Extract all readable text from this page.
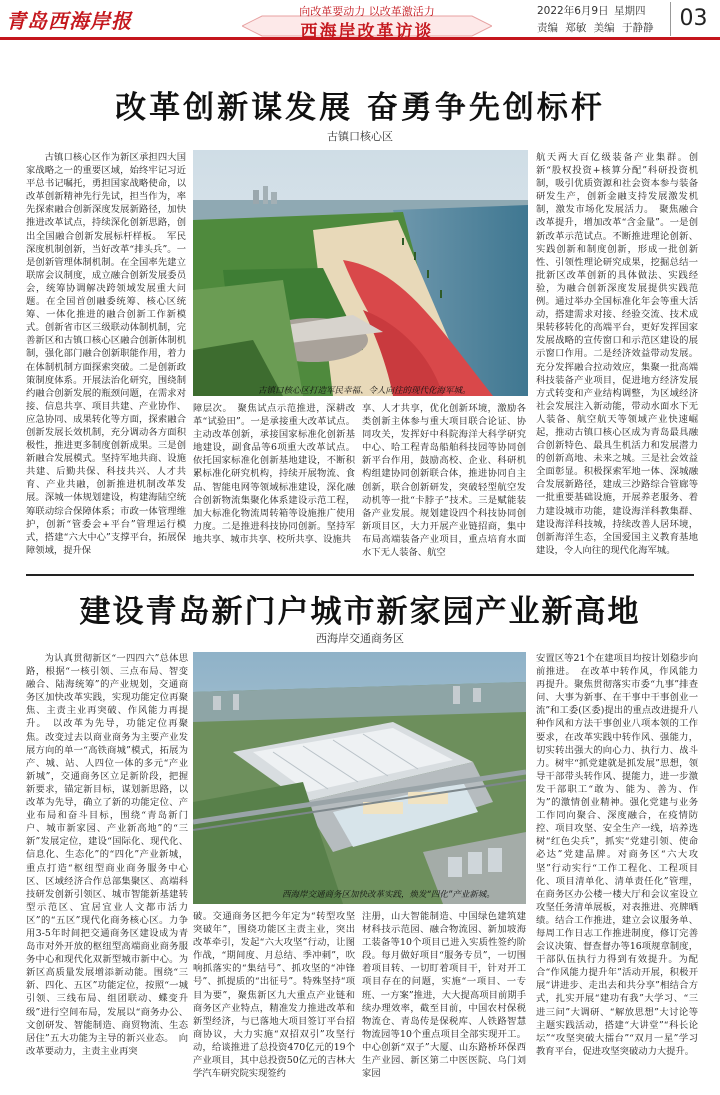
青岛西海岸报	向改革要动力 以改革激活力
西海岸改革访谈
2022年6月9日 星期四
责编 郑敏 美编 于静静	03
改革创新谋发展 奋勇争先创标杆
古镇口核心区

古镇口核心区作为新区承担四大国家战略之一的重要区域，始终牢记习近平总书记嘱托，勇担国家战略使命，以改革创新精神先行先试，担当作为，率先探索融合创新深度发展新路径，加快推进改革试点，持续深化创新思路，创出全国融合创新发展标杆样板。　军民深度机制创新，当好改革“排头兵”。一是创新管理体制机制。在全国率先建立联席会议制度，成立融合创新发展委员会，统筹协调解决跨领域发展重大问题。在全国首创融委统筹、核心区统筹、一体化推进的融合创新工作新模式。创新省市区三级联动体制机制，完善新区和古镇口核心区融合创新体制机制，强化部门融合创新职能作用，着力在体制机制方面探索突破。二是创新政策制度体系。开展法治化研究，围绕制约融合创新发展的瓶颈问题，在需求对接、信息共享、项目共建、产业协作、应急协同、成果转化等方面，探索融合创新发展长效机制，充分调动各方面积极性，推进更多制度创新成果。三是创新融合发展模式。坚持军地共商、设施共建、后勤共保、科技共兴、人才共育、产业共融，创新推进机制改革发展。深城一体规划建设，构建海陆空统筹联动综合保障体系；市政一体管理维护，创新“管委会+平台”管理运行模式，搭建“六大中心”支撑平台，拓展保障领域，提升保

古镇口核心区打造军民幸福、令人向往的现代化海军城。

障层次。　聚焦试点示范推进，深耕改革“试验田”。一是承接重大改革试点。主动改革创新，承接国家标准化创新基地建设，副食品等6项重大改革试点。依托国家标准化创新基地建设，不断积累标准化研究机构，持续开展物流、食品、智能电网等领域标准建设，深化融合创新物流集聚化体系建设示范工程，加大标准化物流周转箱等设施推广使用力度。二是推进科技协同创新。坚持军地共享、城市共享、校所共享、设施共

享、人才共享，优化创新环境，激励各类创新主体参与重大项目联合论证、协同攻关，发挥好中科院海洋大科学研究中心、哈工程青岛船舶科技园等协同创新平台作用，鼓励高校、企业、科研机构组建协同创新联合体，推进协同自主创新，联合创新研发，突破轻型航空发动机等一批“卡脖子”技术。三是赋能装备产业发展。规划建设四个科技协同创新项目区，大力开展产业链招商，集中布局高端装备产业项目，重点培育水面水下无人装备、航空

航天两大百亿级装备产业集群。创新“股权投资+核算分配”科研投资机制，吸引优质资源和社会资本参与装备研发生产，创新金融支持发展激发机制，激发市场化发展活力。　聚焦融合改革提升，增加改革“含金量”。一是创新改革示范试点。不断推进理论创新、实践创新和制度创新，形成一批创新性、引领性理论研究成果，挖掘总结一批新区改革创新的具体做法、实践经验，为融合创新深度发展提供实践范例。通过举办全国标准化年会等重大活动，搭建需求对接、经验交流、技术成果转移转化的高端平台，更好发挥国家发展战略的宣传窗口和示范区建设的展示窗口作用。二是经济效益带动发展。充分发挥融合拉动效应，集聚一批高端科技装备产业项目，促进地方经济发展方式转变和产业结构调整，为区域经济社会发展注入新动能，带动水面水下无人装备、航空航天等领域产业快速崛起，推动古镇口核心区成为青岛最具融合创新特色、最具生机活力和发展潜力的创新高地、未来之城。三是社会效益全面彰显。积极探索军地一体、深城融合发展新路径，建成三沙路综合管廊等一批重要基础设施，开展养老服务、着力建设城市功能，建设海洋科教集群、建设海洋科技城，持续改善人居环境，创新海洋生态，全国爱国主义教育基地建设，令人向往的现代化海军城。

建设青岛新门户城市新家园产业新高地
西海岸交通商务区

为认真贯彻新区“一四四六”总体思路，根据“一核引领、三点布局、智变融合、陆海统筹”的产业规划，交通商务区加快改革实践，实现功能定位再聚焦、主责主业再突破、作风能力再提升。　以改革为先导，功能定位再聚焦。改变过去以商业商务为主要产业发展方向的单一“高铁商城”模式，拓展为产、城、站、人四位一体的多元“产业新城”，交通商务区立足新阶段，把握新要求，锚定新目标，谋划新思路，以改革为先导，确立了新的功能定位、产业布局和奋斗目标，围绕“青岛新门户、城市新家园、产业新高地”的“三新”发展定位，建设“国际化、现代化、信息化、生态化”的“四化”产业新城，重点打造“枢纽型商业商务服务中心区、区域经济合作总部集聚区、高端科技研发创新引领区、城市智能新基建转型示范区、宜居宜业人文都市活力区”的“五区”现代化商务核心区。力争用3-5年时间把交通商务区建设成为青岛市对外开放的枢纽型高端商业商务服务中心和现代化双新型城市新中心。为新区高质量发展增添新动能。围绕“三新、四化、五区”功能定位，按照“一城引领、三线布局、组团联动、蝶变升级”进行空间布局，发展以“商务办公、文创研发、智能制造、商贸物流、生态居住”五大功能为主导的新兴业态。　向改革要动力，主责主业再突

西海岸交通商务区加快改革实践，焕发“四化”产业新城。

破。交通商务区把今年定为“转型攻坚突破年”，围绕功能区主责主业，突出改革牵引，发起“六大攻坚”行动，让图作战，“期间度、月总结、季冲刺”，吹响抓落实的“集结号”、抓攻坚的“冲锋号”、抓提质的“出征号”。特殊坚持“项目为要”，聚焦新区九大重点产业链和商务区产业特点，精准发力推进改革和新型经济，与已落地大项目签订平台招商协议，大力实施“双招双引”攻坚行动，给谈推进了总投资470亿元的19个产业项目，其中总投资50亿元的吉林大学汽车研究院实现签约

注册，山大智能制造、中国绿色建筑建材科技示范园、融合物流园、新加坡海工装备等10个项目已进入实质性签约阶段。每月做好项目“服务专员”，一切围着项目转、一切盯着项目干，针对开工项目存在的问题，实施“一项目、一专班、一方案”推进，大大提高项目前期手续办理效率，截至目前，中国农村保税物流仓、青岛传是保税库、人铁路智慧物流园等10个重点项目全部实现开工。中心创新“双子”大厦、山东路桥环保西生产业园、新区第二中医医院、乌门刘家园

安置区等21个在建项目均按计划稳步向前推进。　在改革中转作风，作风能力再提升。聚焦贯彻落实市委“九事”排查问、大事为新事、在干事中干事创业一流”和工委(区委)提出的重点改进提升八种作风和方法干事创业八项本领的工作要求，在改革实践中转作风、强能力，切实转出强大的向心力、执行力、战斗力。树牢“抓党建就是抓发展”思想，领导干部带头转作风、提能力，进一步激发干部职工“敢为、能为、善为、作为”的激情创业精神。强化党建与业务工作同向聚合、深度融合，在疫情防控、项目攻坚、安全生产一线，培养选树“红色尖兵”，抓实“党建引领、使命必达”党建品牌。对商务区“六大攻坚”行动实行“工作工程化、工程项目化、项目清单化、清单责任化”管理，在商务区办公楼一楼大厅和会议室设立攻坚任务清单展板，对表推进、亮牌晒绩。结合工作推进，建立会议服务单、每周工作日志工作推进制度，修订完善会议决策、督查督办等16项规章制度，干部队伍执行力得到有效提升。为配合“作风能力提升年”活动开展，积极开展“讲进步、走出去和共分享”相结合方式，扎实开展“建功有我”大学习、“三进三问”大调研、“解放思想”大讨论等主题实践活动，搭建“大讲堂”“科长论坛”“攻坚突破大擂台”“双月一星”学习教育平台，促进攻坚突破动力大提升。
